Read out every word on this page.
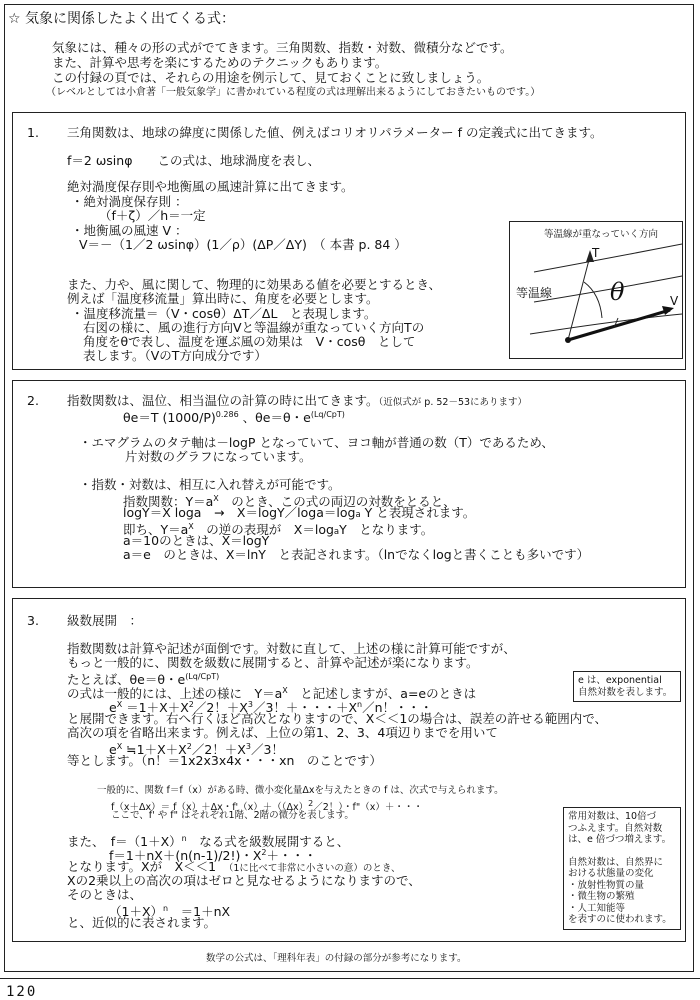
☆ 気象に関係したよく出てくる式：
気象には、種々の形の式がでてきます。三角関数、指数・対数、微積分などです。
また、計算や思考を楽にするためのテクニックもあります。
この付録の頁では、それらの用途を例示して、見ておくことに致しましょう。
（レベルとしては小倉著「一般気象学」に書かれている程度の式は理解出来るようにしておきたいものです。）
1. 三角関数は、地球の緯度に関係した値、例えばコリオリパラメーター f の定義式に出てきます。
f＝2 ωsinφ　　この式は、地球渦度を表し、
絶対渦度保存則や地衡風の風速計算に出てきます。
・絶対渦度保存則 ：
（f＋ζ）／h＝一定
・地衡風の風速 V ：
V＝－（1／2 ωsinφ）(1／ρ）(ΔP／ΔY)　（ 本書 p. 84 ）
また、力や、風に関して、物理的に効果ある値を必要とするとき、
例えば「温度移流量」算出時に、角度を必要とします。
・温度移流量＝（V・cosθ）ΔT／ΔL　と表現します。
右図の様に、風の進行方向Vと等温線が重なっていく方向Tの
角度をθで表し、温度を運ぶ風の効果は　V・cosθ　として
表します。（VのT方向成分です）
等温線が重なっていく方向
T
等温線 θ	V
2. 指数関数は、温位、相当温位の計算の時に出てきます。（近似式が p. 52－53にあります）
θe＝T $(1000/P)^{0.286}$ 、θe＝θ・$e^{(Lq/CpT)}$
・エマグラムのタテ軸は－logP となっていて、ヨコ軸が普通の数（T）であるため、
片対数のグラフになっています。
・指数・対数は、相互に入れ替えが可能です。
指数関数：$Y=a^X$　 のとき、この式の両辺の対数をとると、
logY＝X loga　→　X＝logY／loga＝loga Y と表現されます。
即ち、$Y=a^X$　 の逆の表現が　X＝logaY　となります。
a＝10のときは、X＝logY
a＝e　のときは、X＝lnY　と表記されます。（lnでなくlogと書くことも多いです）
3. 級数展開　：
指数関数は計算や記述が面倒です。対数に直して、上述の様に計算可能ですが、
もっと一般的に、関数を級数に展開すると、計算や記述が楽になります。
たとえば、θe＝θ・$e^{(Lq/CpT)}$
の式は一般的には、上述の様に　$Y=a^X$　 と記述しますが、a=eのときは
$e^X$ $=1+X+X^2/2$！$+X^3/3$！＋・・・$+X^n/n$！・・・
と展開できます。右へ行くほど高次となりますので、X＜＜1の場合は、誤差の許せる範囲内で、
高次の項を省略出来ます。例えば、上位の第1、2、3、4項辺りまでを用いて
$e^X$ $≒1+X+X^2/2$！$+X^3/3$！
等とします。（n！＝1x2x3x4x・・・xn　のことです）
一般的に、関数 f＝f（x）がある時、微小変化量Δxを与えたときの f は、次式で与えられます。
f（x＋Δx）＝ f（x）＋Δx・$f'(x)+((\Delta x)^2/2$！）・f"（x）＋・・・
ここで、f' や f" はそれぞれ1階、2階の微分を表します。
また、　$f=(1+X)^n$　 なる式を級数展開すると、
f＝1＋nX＋(n(n-1)/2!)・$X^2+$・・・
となります。Xが　X＜＜1　 （1に比べて非常に小さいの意）のとき、
Xの2乗以上の高次の項はゼロと見なせるようになりますので、
そのときは、
$(1+X)^n$　 ＝1＋nX
と、近似的に表されます。
e は、exponential
自然対数を表します。
常用対数は、10倍づ
つふえます。自然対数
は、e 倍づつ増えます。
自然対数は、自然界に
おける状態量の変化
・放射性物質の量
・微生物の繁殖
・人工知能等
を表すのに使われます。
数学の公式は、「理科年表」の付録の部分が参考になります。
120
